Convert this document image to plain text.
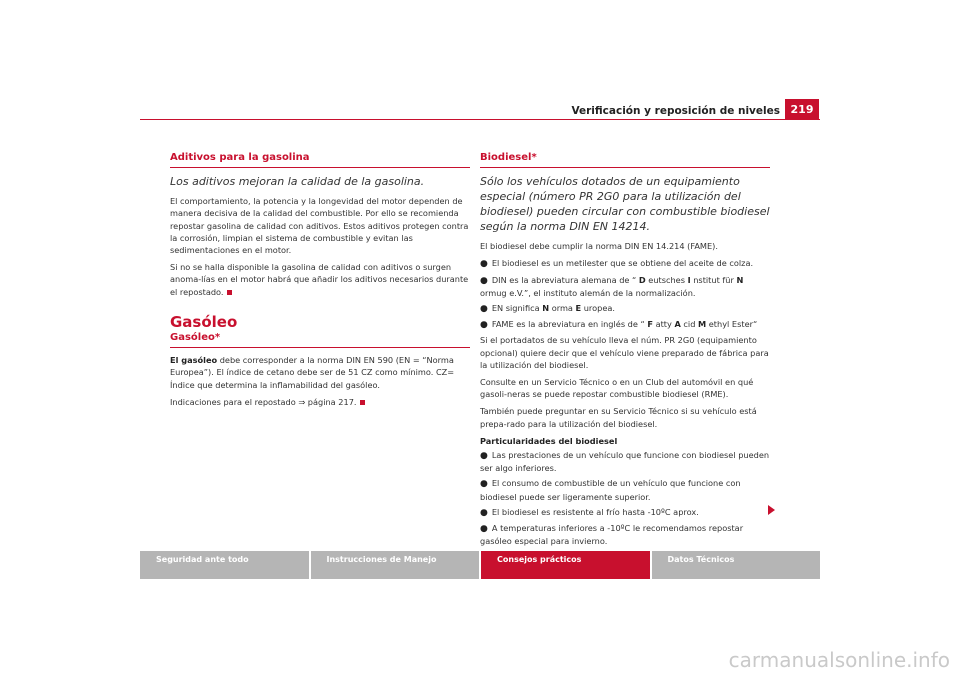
Verificación y reposición de niveles 219
Aditivos para la gasolina
Los aditivos mejoran la calidad de la gasolina.

El comportamiento, la potencia y la longevidad del motor dependen de manera decisiva de la calidad del combustible. Por ello se recomienda repostar gasolina de calidad con aditivos. Estos aditivos protegen contra la corrosión, limpian el sistema de combustible y evitan las sedimentaciones en el motor.

Si no se halla disponible la gasolina de calidad con aditivos o surgen anoma-lías en el motor habrá que añadir los aditivos necesarios durante el repostado.

Gasóleo
Gasóleo*

El gasóleo debe corresponder a la norma DIN EN 590 (EN = “Norma Europea”). El índice de cetano debe ser de 51 CZ como mínimo. CZ= Índice que determina la inflamabilidad del gasóleo.

Indicaciones para el repostado ⇒ página 217.

Biodiesel*
Sólo los vehículos dotados de un equipamiento especial (número PR 2G0 para la utilización del biodiesel) pueden circular con combustible biodiesel según la norma DIN EN 14214.

El biodiesel debe cumplir la norma DIN EN 14.214 (FAME).

● El biodiesel es un metilester que se obtiene del aceite de colza.
● DIN es la abreviatura alemana de “ D eutsches I nstitut für N ormug e.V.”, el instituto alemán de la normalización.
● EN significa N orma E uropea.
● FAME es la abreviatura en inglés de “ F atty A cid M ethyl Ester“

Si el portadatos de su vehículo lleva el núm. PR 2G0 (equipamiento opcional) quiere decir que el vehículo viene preparado de fábrica para la utilización del biodiesel.

Consulte en un Servicio Técnico o en un Club del automóvil en qué gasoli-neras se puede repostar combustible biodiesel (RME).

También puede preguntar en su Servicio Técnico si su vehículo está prepa-rado para la utilización del biodiesel.

Particularidades del biodiesel
● Las prestaciones de un vehículo que funcione con biodiesel pueden ser algo inferiores.
● El consumo de combustible de un vehículo que funcione con biodiesel puede ser ligeramente superior.
● El biodiesel es resistente al frío hasta -10ºC aprox.
● A temperaturas inferiores a -10ºC le recomendamos repostar gasóleo especial para invierno.
Seguridad ante todo	Instrucciones de Manejo	Consejos prácticos	Datos Técnicos
carmanualsonline.info
